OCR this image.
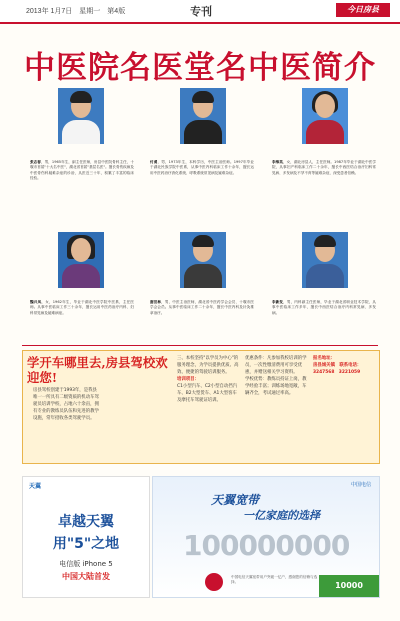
2013年 1月7日　星期一　第4版	专刊	今日房县
中医院名医堂名中医简介
张志春，男，1965年生，副主任医师，房县中医院骨科主任，十堰市首届"十大名中医"，湖北省首届"基层名医"。擅长骨伤疾病及中医骨伤科疑难杂症的诊治，从医近三十年，积累了丰富的临床经验。
付勇，男，1973年生，本科学历，中医主治医师。1997年毕业于湖北民族学院中医系，从事中医内科临床工作十余年，擅长运用中医药治疗消化系统、呼吸系统常见病及疑难杂症。
李维英，女，湖北房县人，主任医师。1987年毕业于湖北中医学院，从事妇产科临床工作二十余年，擅长中西医结合治疗妇科常见病、多发病及不孕不育等疑难杂症，深受患者信赖。
魏兴凤，女，1962年生，毕业于湖北中医学院中医系，主任医师。从事中医临床工作三十余年，擅长运用中医药治疗内科、妇科常见病及疑难病症。
谢世林，男，中医主治医师，湖北省中医药学会会员、十堰市医学会会员。从事中医临床工作二十余年，擅长中医内科及针灸推拿治疗。
李新发，男，内科副主任医师，毕业于湖北省职业技术学院，从事中医临床工作多年，擅长中西医结合治疗内科常见病、多发病。
学开车哪里去,房县驾校欢迎您!
房县驾校创建于1993年，是我县唯一一所具有二级资质的机动车驾驶员培训学校，占地六十余亩，拥有专业的教练员队伍和先进的教学设施，常年招收各类驾驶学员。
三、本校坚持"以学员为中心"的服务理念，为学员提供优质、高效、便捷的驾驶培训服务。
培训项目：
C1小型汽车、C2小型自动挡汽车、B2大型货车、A1大型客车及摩托车驾驶证培训。
优惠条件：凡参加我校培训的学员，一次性缴清费用可享受优惠，并赠送相关学习资料。
学校优势：教练员持证上岗，教学经验丰富；训练场地宽敞，车辆齐全，考试通过率高。
报名地址：
房县城关镇　联系电话：3247568　3221059
天翼
卓越天翼
用"5"之地
电信版 iPhone 5
中国大陆首发
中国电信
天翼宽带
一亿家庭的选择
100000000
中国电信天翼宽带用户突破一亿户，感谢您的信赖与选择。	10000
